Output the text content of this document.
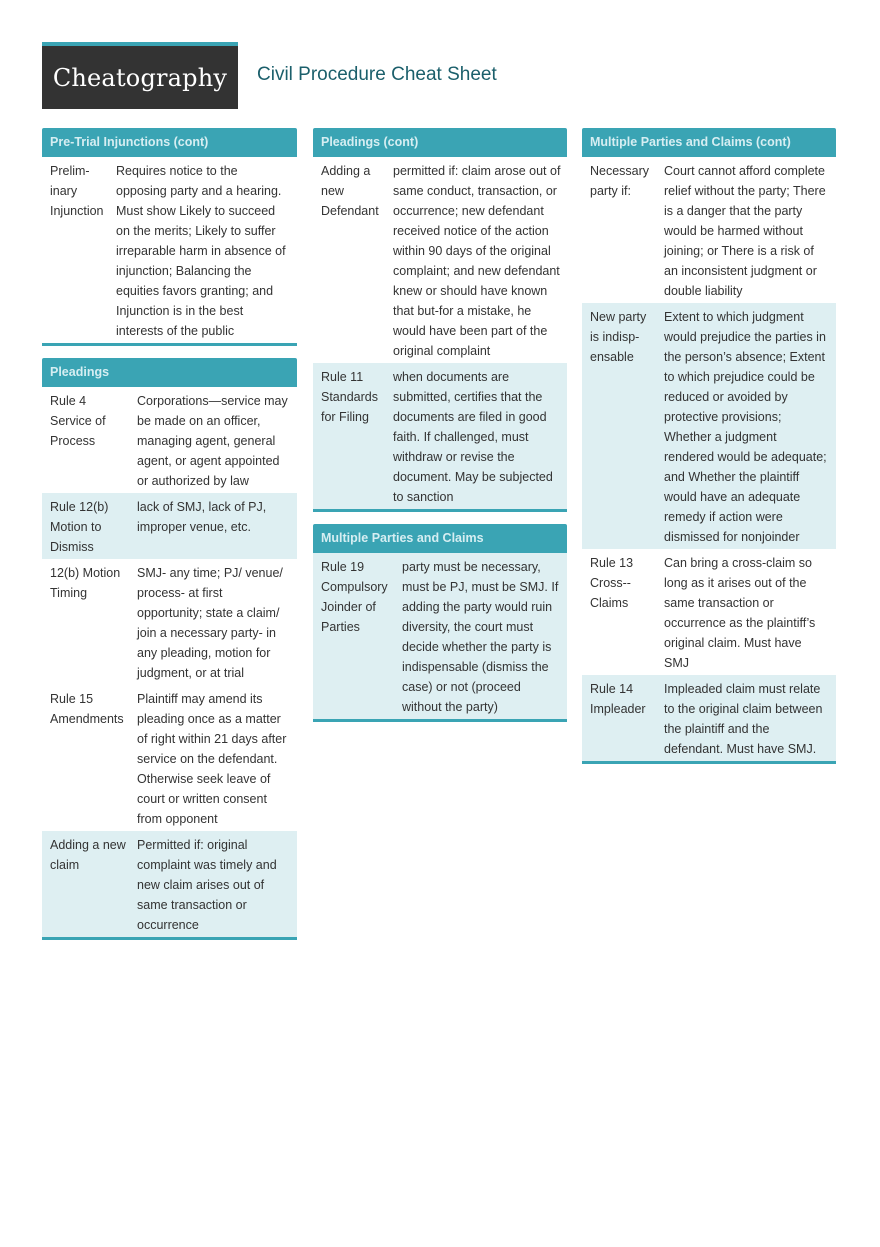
Cheatography Civil Procedure Cheat Sheet
Pre-Trial Injunctions (cont)
Prelim-inary Injunction
Requires notice to the opposing party and a hearing. Must show Likely to succeed on the merits; Likely to suffer irreparable harm in absence of injunction; Balancing the equities favors granting; and Injunction is in the best interests of the public
Pleadings
Rule 4 Service of Process
Corporations—service may be made on an officer, managing agent, general agent, or agent appointed or authorized by law
Rule 12(b) Motion to Dismiss
lack of SMJ, lack of PJ, improper venue, etc.
12(b) Motion Timing
SMJ- any time; PJ/ venue/ process- at first opportunity; state a claim/ join a necessary party- in any pleading, motion for judgment, or at trial
Rule 15 Amendments
Plaintiff may amend its pleading once as a matter of right within 21 days after service on the defendant. Otherwise seek leave of court or written consent from opponent
Adding a new claim
Permitted if: original complaint was timely and new claim arises out of same transaction or occurrence
Pleadings (cont)
Adding a new Defendant
permitted if: claim arose out of same conduct, transaction, or occurrence; new defendant received notice of the action within 90 days of the original complaint; and new defendant knew or should have known that but-for a mistake, he would have been part of the original complaint
Rule 11 Standards for Filing
when documents are submitted, certifies that the documents are filed in good faith. If challenged, must withdraw or revise the document. May be subjected to sanction
Multiple Parties and Claims
Rule 19 Compulsory Joinder of Parties
party must be necessary, must be PJ, must be SMJ. If adding the party would ruin diversity, the court must decide whether the party is indispensable (dismiss the case) or not (proceed without the party)
Multiple Parties and Claims (cont)
Necessary party if:
Court cannot afford complete relief without the party; There is a danger that the party would be harmed without joining; or There is a risk of an inconsistent judgment or double liability
New party is indisp-ensable
Extent to which judgment would prejudice the parties in the person’s absence; Extent to which prejudice could be reduced or avoided by protective provisions; Whether a judgment rendered would be adequate; and Whether the plaintiff would have an adequate remedy if action were dismissed for nonjoinder
Rule 13 Cross--Claims
Can bring a cross-claim so long as it arises out of the same transaction or occurrence as the plaintiff’s original claim. Must have SMJ
Rule 14 Impleader
Impleaded claim must relate to the original claim between the plaintiff and the defendant. Must have SMJ.
